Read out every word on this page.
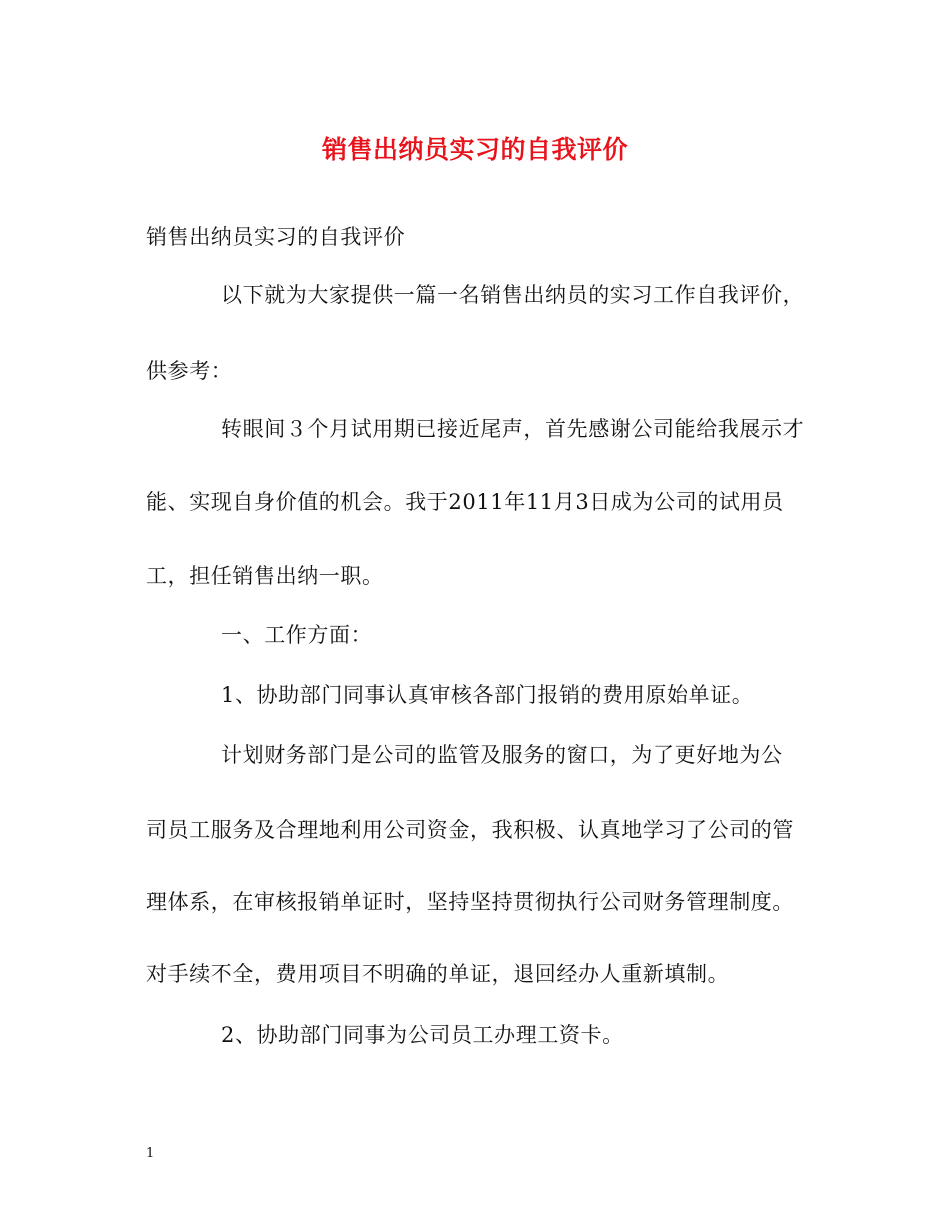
销售出纳员实习的自我评价
销售出纳员实习的自我评价
以下就为大家提供一篇一名销售出纳员的实习工作自我评价，
供参考：
转眼间３个月试用期已接近尾声，首先感谢公司能给我展示才
能、实现自身价值的机会。我于2011年11月3日成为公司的试用员
工，担任销售出纳一职。
一、工作方面：
1、协助部门同事认真审核各部门报销的费用原始单证。
计划财务部门是公司的监管及服务的窗口，为了更好地为公
司员工服务及合理地利用公司资金，我积极、认真地学习了公司的管
理体系，在审核报销单证时，坚持坚持贯彻执行公司财务管理制度。
对手续不全，费用项目不明确的单证，退回经办人重新填制。
2、协助部门同事为公司员工办理工资卡。
1
